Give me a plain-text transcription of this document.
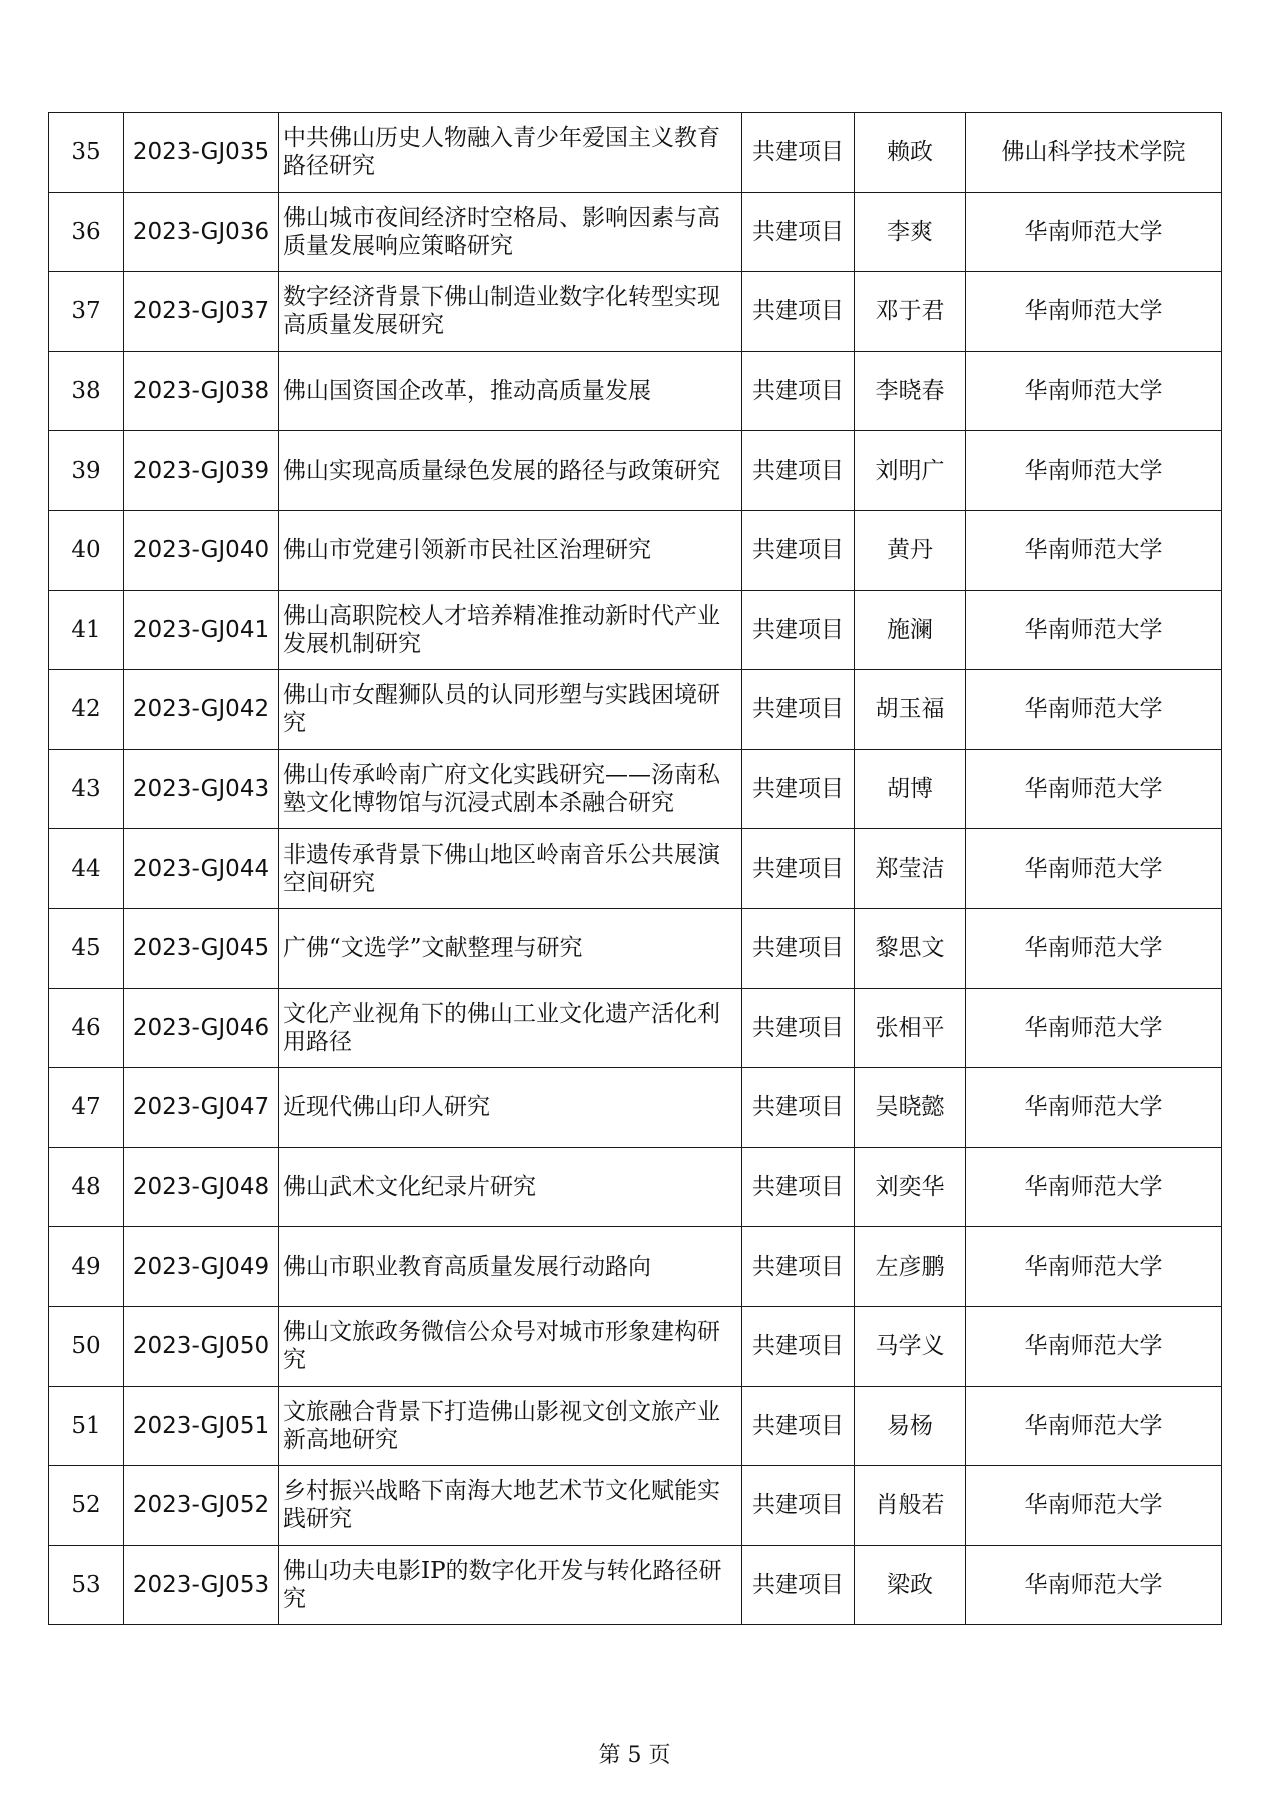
35	2023-GJ035	中共佛山历史人物融入青少年爱国主义教育路径研究	共建项目	赖政	佛山科学技术学院
36	2023-GJ036	佛山城市夜间经济时空格局、影响因素与高质量发展响应策略研究	共建项目	李爽	华南师范大学
37	2023-GJ037	数字经济背景下佛山制造业数字化转型实现高质量发展研究	共建项目	邓于君	华南师范大学
38	2023-GJ038	佛山国资国企改革，推动高质量发展	共建项目	李晓春	华南师范大学
39	2023-GJ039	佛山实现高质量绿色发展的路径与政策研究	共建项目	刘明广	华南师范大学
40	2023-GJ040	佛山市党建引领新市民社区治理研究	共建项目	黄丹	华南师范大学
41	2023-GJ041	佛山高职院校人才培养精准推动新时代产业发展机制研究	共建项目	施澜	华南师范大学
42	2023-GJ042	佛山市女醒狮队员的认同形塑与实践困境研究	共建项目	胡玉福	华南师范大学
43	2023-GJ043	佛山传承岭南广府文化实践研究——汤南私塾文化博物馆与沉浸式剧本杀融合研究	共建项目	胡博	华南师范大学
44	2023-GJ044	非遗传承背景下佛山地区岭南音乐公共展演空间研究	共建项目	郑莹洁	华南师范大学
45	2023-GJ045	广佛“文选学”文献整理与研究	共建项目	黎思文	华南师范大学
46	2023-GJ046	文化产业视角下的佛山工业文化遗产活化利用路径	共建项目	张相平	华南师范大学
47	2023-GJ047	近现代佛山印人研究	共建项目	吴晓懿	华南师范大学
48	2023-GJ048	佛山武术文化纪录片研究	共建项目	刘奕华	华南师范大学
49	2023-GJ049	佛山市职业教育高质量发展行动路向	共建项目	左彦鹏	华南师范大学
50	2023-GJ050	佛山文旅政务微信公众号对城市形象建构研究	共建项目	马学义	华南师范大学
51	2023-GJ051	文旅融合背景下打造佛山影视文创文旅产业新高地研究	共建项目	易杨	华南师范大学
52	2023-GJ052	乡村振兴战略下南海大地艺术节文化赋能实践研究	共建项目	肖般若	华南师范大学
53	2023-GJ053	佛山功夫电影IP的数字化开发与转化路径研究	共建项目	梁政	华南师范大学
第 5 页
